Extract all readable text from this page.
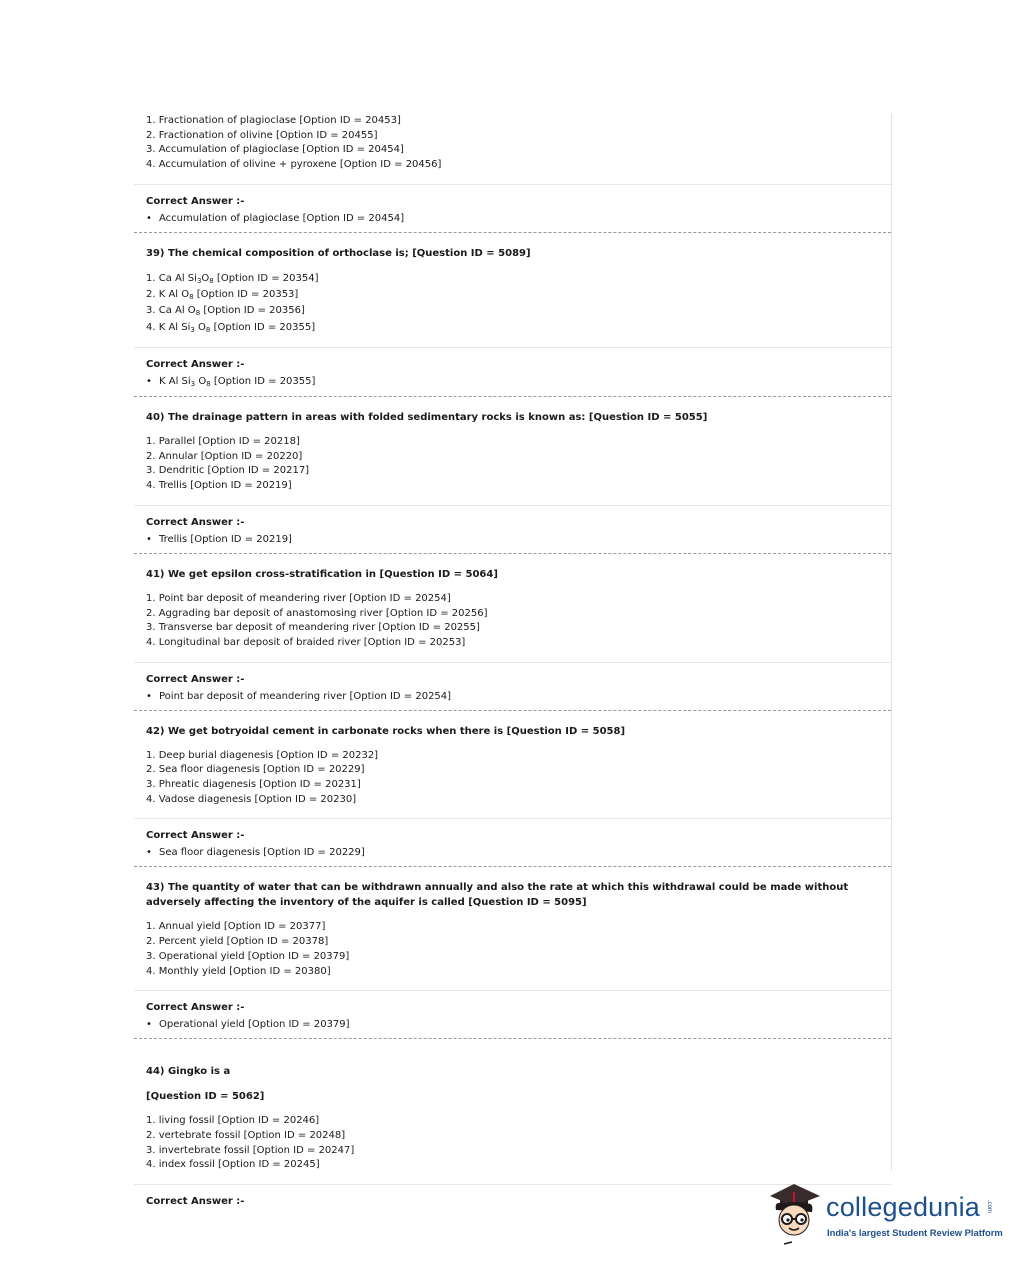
1. Fractionation of plagioclase [Option ID = 20453]
2. Fractionation of olivine [Option ID = 20455]
3. Accumulation of plagioclase [Option ID = 20454]
4. Accumulation of olivine + pyroxene [Option ID = 20456]
Correct Answer :-
• Accumulation of plagioclase [Option ID = 20454]
39) The chemical composition of orthoclase is; [Question ID = 5089]
1. Ca Al $Si_3O_8$ [Option ID = 20354]
2. K Al $O_8$ [Option ID = 20353]
3. Ca Al $O_8$ [Option ID = 20356]
4. K Al $Si_3$ $O_8$ [Option ID = 20355]
Correct Answer :-
• K Al $Si_3$ $O_8$ [Option ID = 20355]
40) The drainage pattern in areas with folded sedimentary rocks is known as: [Question ID = 5055]
1. Parallel [Option ID = 20218]
2. Annular [Option ID = 20220]
3. Dendritic [Option ID = 20217]
4. Trellis [Option ID = 20219]
Correct Answer :-
• Trellis [Option ID = 20219]
41) We get epsilon cross-stratification in [Question ID = 5064]
1. Point bar deposit of meandering river [Option ID = 20254]
2. Aggrading bar deposit of anastomosing river [Option ID = 20256]
3. Transverse bar deposit of meandering river [Option ID = 20255]
4. Longitudinal bar deposit of braided river [Option ID = 20253]
Correct Answer :-
• Point bar deposit of meandering river [Option ID = 20254]
42) We get botryoidal cement in carbonate rocks when there is [Question ID = 5058]
1. Deep burial diagenesis [Option ID = 20232]
2. Sea floor diagenesis [Option ID = 20229]
3. Phreatic diagenesis [Option ID = 20231]
4. Vadose diagenesis [Option ID = 20230]
Correct Answer :-
• Sea floor diagenesis [Option ID = 20229]
43) The quantity of water that can be withdrawn annually and also the rate at which this withdrawal could be made without adversely affecting the inventory of the aquifer is called [Question ID = 5095]
1. Annual yield [Option ID = 20377]
2. Percent yield [Option ID = 20378]
3. Operational yield [Option ID = 20379]
4. Monthly yield [Option ID = 20380]
Correct Answer :-
• Operational yield [Option ID = 20379]
44) Gingko is a
[Question ID = 5062]
1. living fossil [Option ID = 20246]
2. vertebrate fossil [Option ID = 20248]
3. invertebrate fossil [Option ID = 20247]
4. index fossil [Option ID = 20245]
Correct Answer :-	collegedunia .com
India's largest Student Review Platform
